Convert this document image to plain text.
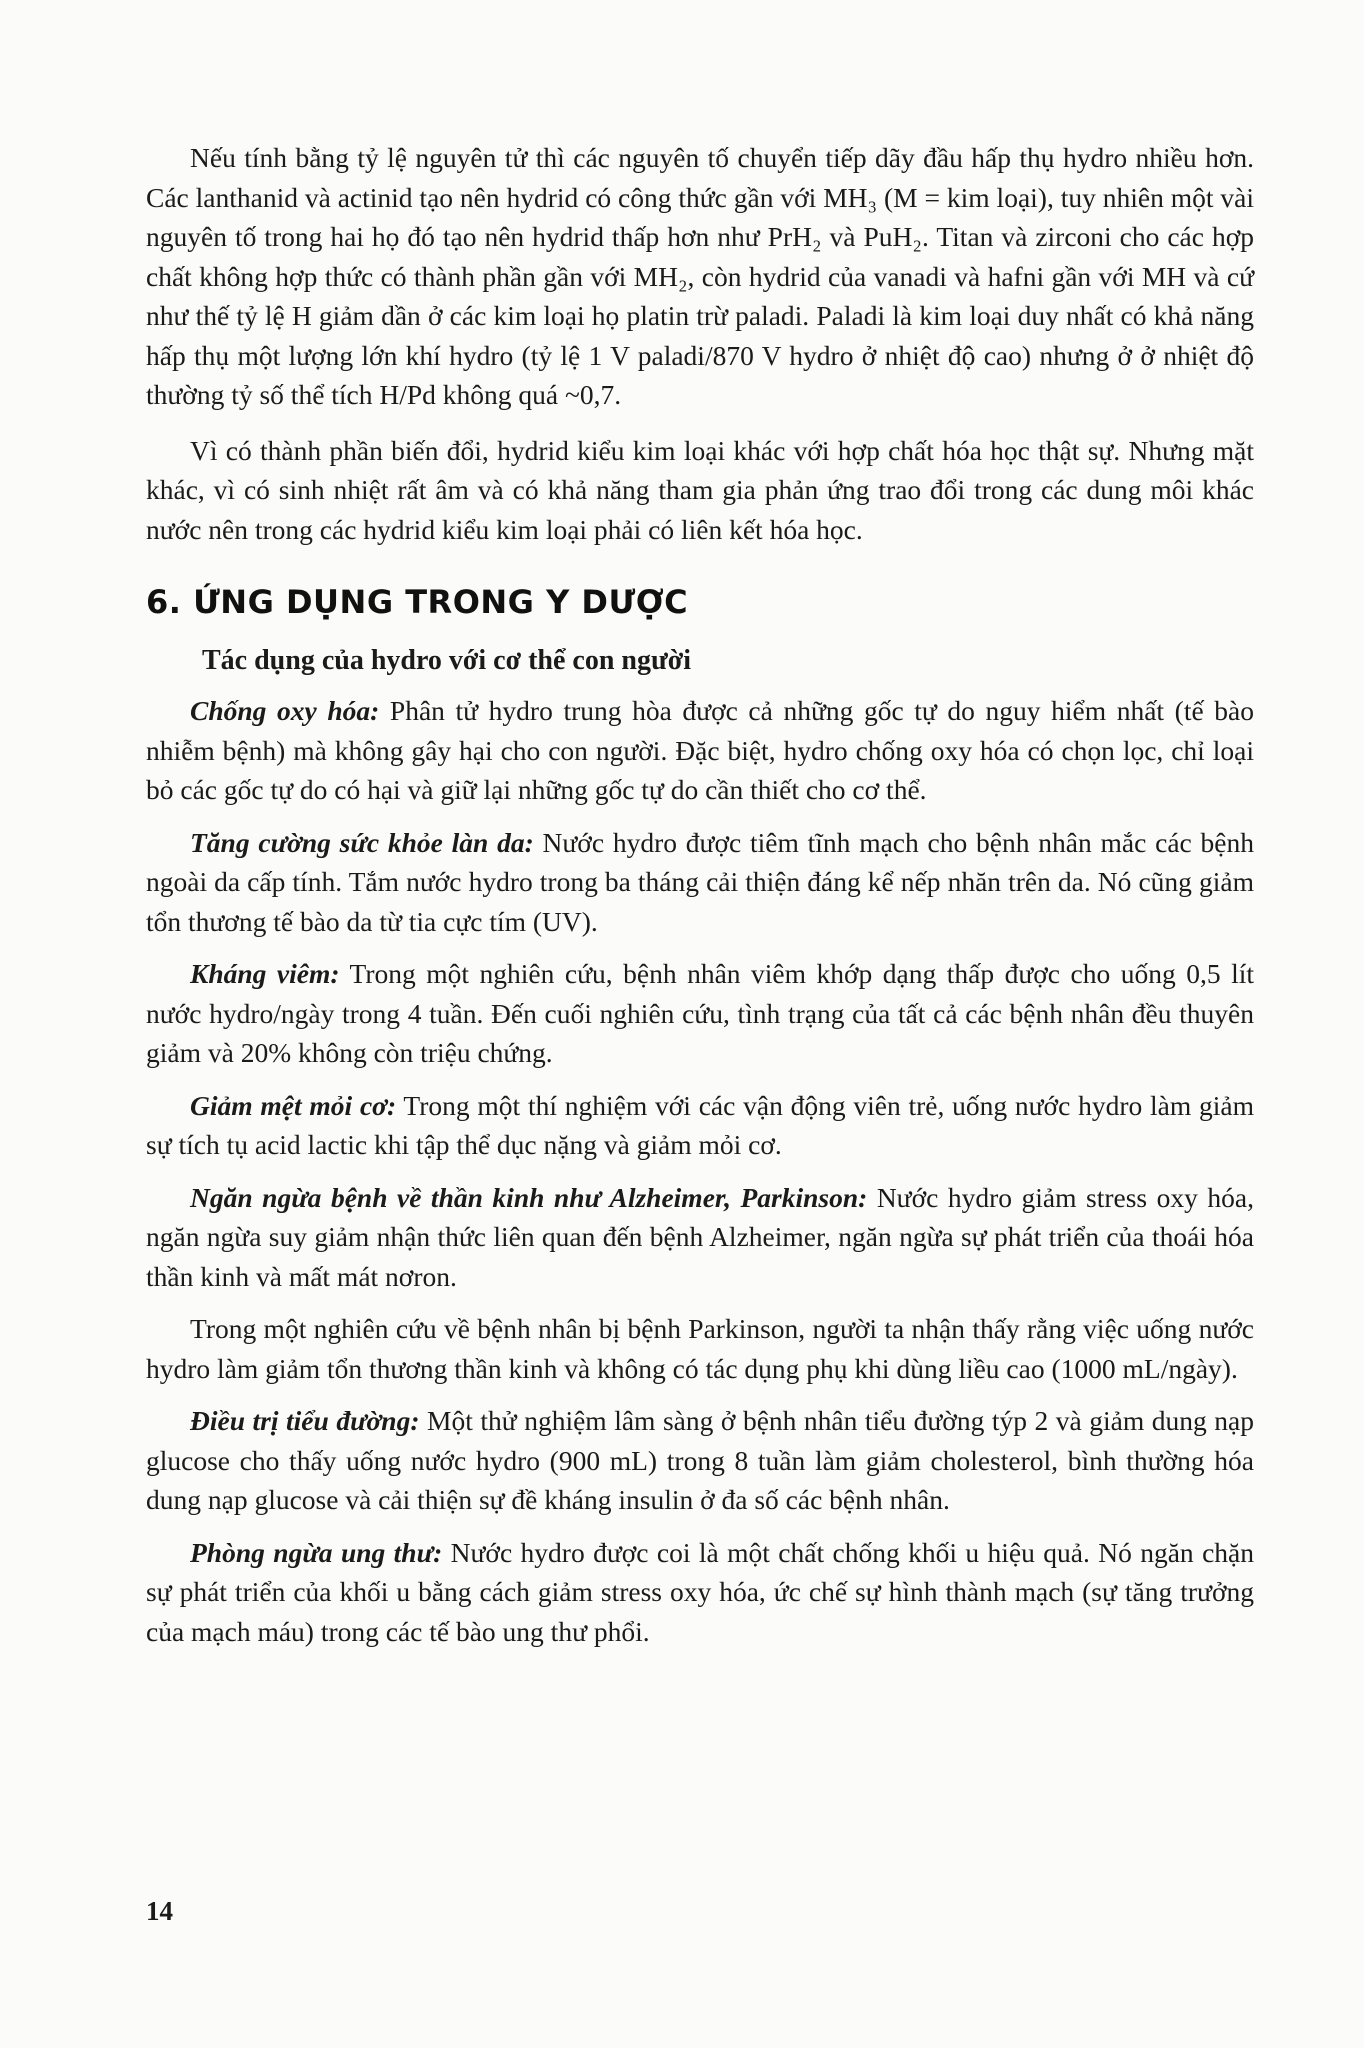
Nếu tính bằng tỷ lệ nguyên tử thì các nguyên tố chuyển tiếp dãy đầu hấp thụ hydro nhiều hơn. Các lanthanid và actinid tạo nên hydrid có công thức gần với MH₃ (M = kim loại), tuy nhiên một vài nguyên tố trong hai họ đó tạo nên hydrid thấp hơn như PrH₂ và PuH₂. Titan và zirconi cho các hợp chất không hợp thức có thành phần gần với MH₂, còn hydrid của vanadi và hafni gần với MH và cứ như thế tỷ lệ H giảm dần ở các kim loại họ platin trừ paladi. Paladi là kim loại duy nhất có khả năng hấp thụ một lượng lớn khí hydro (tỷ lệ 1 V paladi/870 V hydro ở nhiệt độ cao) nhưng ở ở nhiệt độ thường tỷ số thể tích H/Pd không quá ~0,7.

Vì có thành phần biến đổi, hydrid kiểu kim loại khác với hợp chất hóa học thật sự. Nhưng mặt khác, vì có sinh nhiệt rất âm và có khả năng tham gia phản ứng trao đổi trong các dung môi khác nước nên trong các hydrid kiểu kim loại phải có liên kết hóa học.

6. ỨNG DỤNG TRONG Y DƯỢC
Tác dụng của hydro với cơ thể con người

Chống oxy hóa: Phân tử hydro trung hòa được cả những gốc tự do nguy hiểm nhất (tế bào nhiễm bệnh) mà không gây hại cho con người. Đặc biệt, hydro chống oxy hóa có chọn lọc, chỉ loại bỏ các gốc tự do có hại và giữ lại những gốc tự do cần thiết cho cơ thể.

Tăng cường sức khỏe làn da: Nước hydro được tiêm tĩnh mạch cho bệnh nhân mắc các bệnh ngoài da cấp tính. Tắm nước hydro trong ba tháng cải thiện đáng kể nếp nhăn trên da. Nó cũng giảm tổn thương tế bào da từ tia cực tím (UV).

Kháng viêm: Trong một nghiên cứu, bệnh nhân viêm khớp dạng thấp được cho uống 0,5 lít nước hydro/ngày trong 4 tuần. Đến cuối nghiên cứu, tình trạng của tất cả các bệnh nhân đều thuyên giảm và 20% không còn triệu chứng.

Giảm mệt mỏi cơ: Trong một thí nghiệm với các vận động viên trẻ, uống nước hydro làm giảm sự tích tụ acid lactic khi tập thể dục nặng và giảm mỏi cơ.

Ngăn ngừa bệnh về thần kinh như Alzheimer, Parkinson: Nước hydro giảm stress oxy hóa, ngăn ngừa suy giảm nhận thức liên quan đến bệnh Alzheimer, ngăn ngừa sự phát triển của thoái hóa thần kinh và mất mát nơron.

Trong một nghiên cứu về bệnh nhân bị bệnh Parkinson, người ta nhận thấy rằng việc uống nước hydro làm giảm tổn thương thần kinh và không có tác dụng phụ khi dùng liều cao (1000 mL/ngày).

Điều trị tiểu đường: Một thử nghiệm lâm sàng ở bệnh nhân tiểu đường týp 2 và giảm dung nạp glucose cho thấy uống nước hydro (900 mL) trong 8 tuần làm giảm cholesterol, bình thường hóa dung nạp glucose và cải thiện sự đề kháng insulin ở đa số các bệnh nhân.

Phòng ngừa ung thư: Nước hydro được coi là một chất chống khối u hiệu quả. Nó ngăn chặn sự phát triển của khối u bằng cách giảm stress oxy hóa, ức chế sự hình thành mạch (sự tăng trưởng của mạch máu) trong các tế bào ung thư phổi.

14
